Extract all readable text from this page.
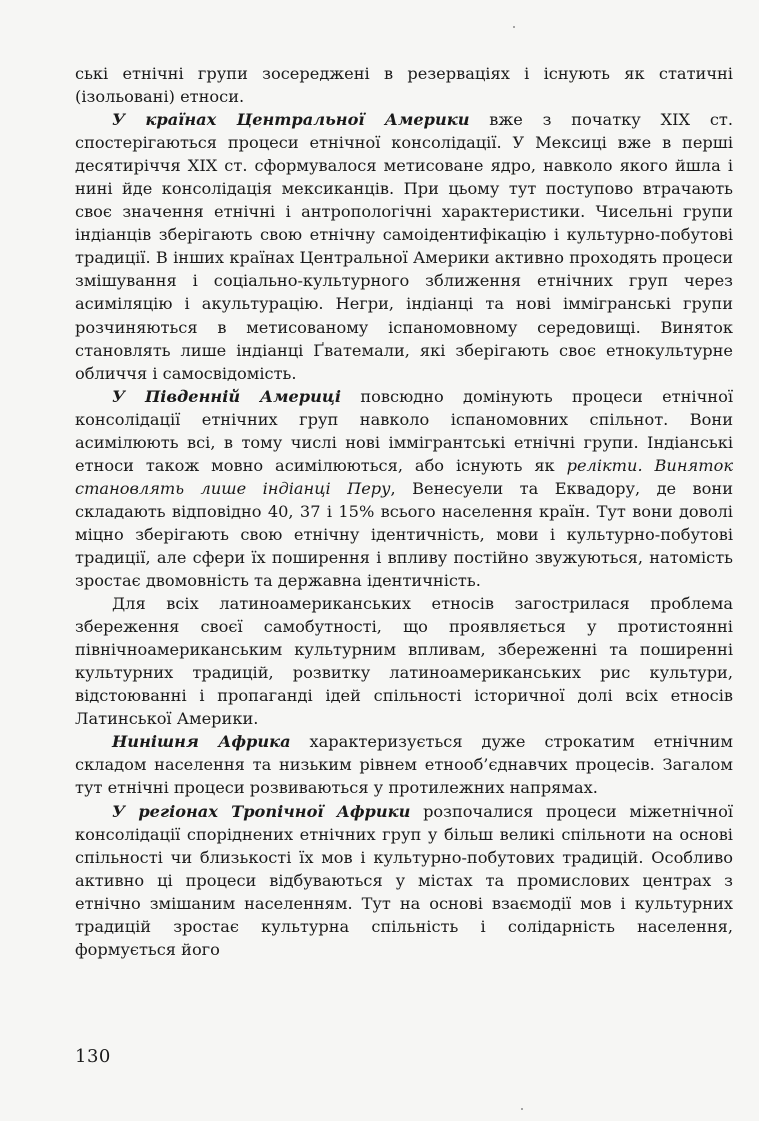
ські етнічні групи зосереджені в резерваціях і існують як статичні (ізольовані) етноси.

У країнах Центральної Америки вже з початку XIX ст. спостерігаються процеси етнічної консолідації. У Мексиці вже в перші десятиріччя XIX ст. сформувалося метисоване ядро, навколо якого йшла і нині йде консолідація мексиканців. При цьому тут поступово втрачають своє значення етнічні і антропологічні характеристики. Чисельні групи індіанців зберігають свою етнічну самоідентифікацію і культурно-побутові традиції. В інших країнах Центральної Америки активно проходять процеси змішування і соціально-культурного зближення етнічних груп через асиміляцію і акультурацію. Негри, індіанці та нові іммігранські групи розчиняються в метисованому іспаномовному середовищі. Виняток становлять лише індіанці Ґватемали, які зберігають своє етнокультурне обличчя і самосвідомість.

У Південній Америці повсюдно домінують процеси етнічної консолідації етнічних груп навколо іспаномовних спільнот. Вони асимілюють всі, в тому числі нові іммігрантські етнічні групи. Індіанські етноси також мовно асимілюються, або існують як релікти. Виняток становлять лише індіанці Перу, Венесуели та Еквадору, де вони складають відповідно 40, 37 і 15% всього населення країн. Тут вони доволі міцно зберігають свою етнічну ідентичність, мови і культурно-побутові традиції, але сфери їх поширення і впливу постійно звужуються, натомість зростає двомовність та державна ідентичність.

Для всіх латиноамериканських етносів загострилася проблема збереження своєї самобутності, що проявляється у протистоянні північноамериканським культурним впливам, збереженні та поширенні культурних традицій, розвитку латиноамериканських рис культури, відстоюванні і пропаганді ідей спільності історичної долі всіх етносів Латинської Америки.

Нинішня Африка характеризується дуже строкатим етнічним складом населення та низьким рівнем етнооб’єднавчих процесів. Загалом тут етнічні процеси розвиваються у протилежних напрямах.

У регіонах Тропічної Африки розпочалися процеси міжетнічної консолідації споріднених етнічних груп у більш великі спільноти на основі спільності чи близькості їх мов і культурно-побутових традицій. Особливо активно ці процеси відбуваються у містах та промислових центрах з етнічно змішаним населенням. Тут на основі взаємодії мов і культурних традицій зростає культурна спільність і солідарність населення, формується його

130
